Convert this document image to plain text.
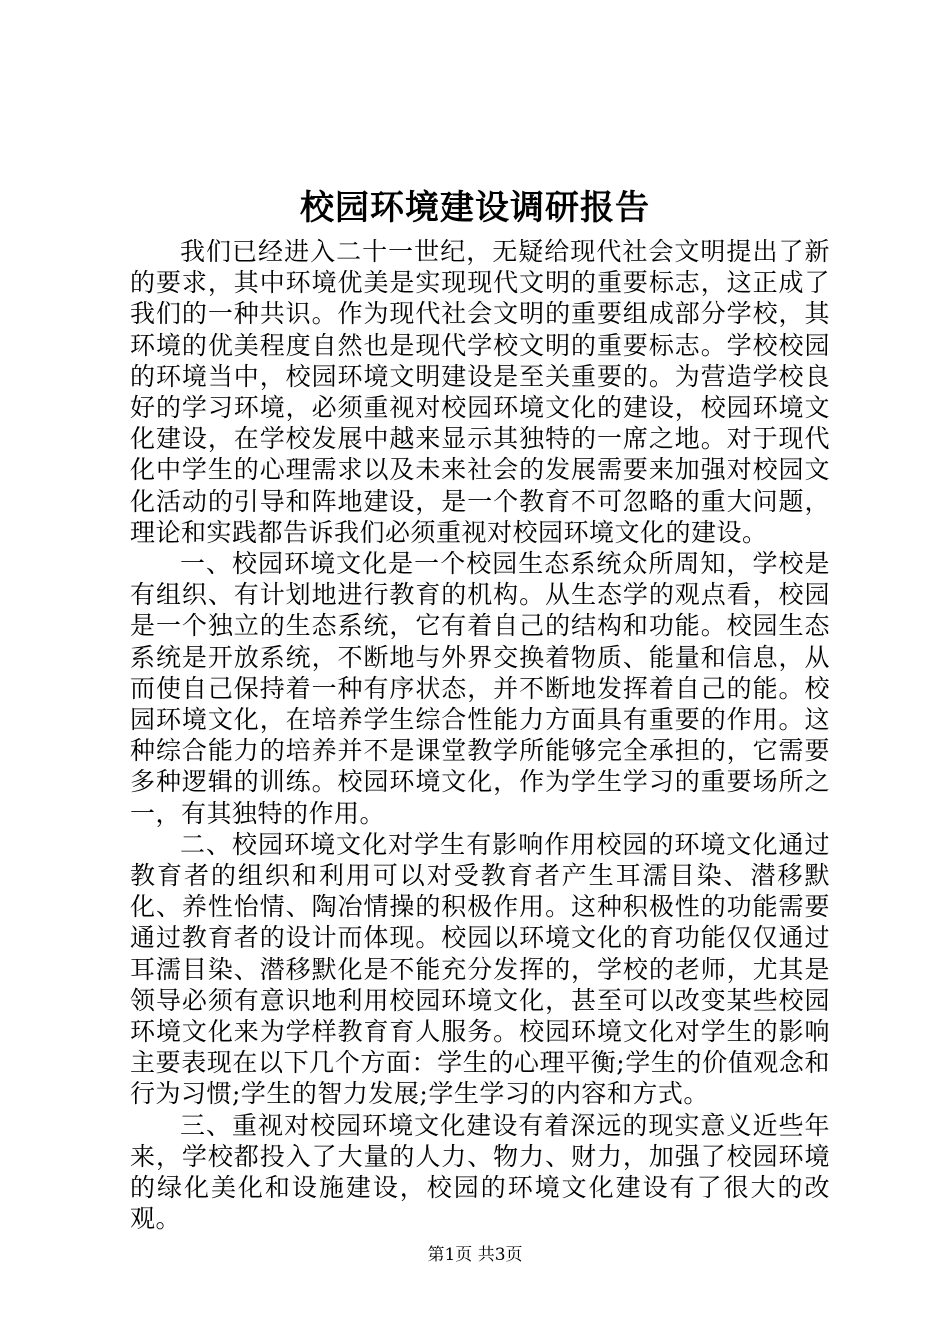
校园环境建设调研报告

我们已经进入二十一世纪，无疑给现代社会文明提出了新的要求，其中环境优美是实现现代文明的重要标志，这正成了我们的一种共识。作为现代社会文明的重要组成部分学校，其环境的优美程度自然也是现代学校文明的重要标志。学校校园的环境当中，校园环境文明建设是至关重要的。为营造学校良好的学习环境，必须重视对校园环境文化的建设，校园环境文化建设，在学校发展中越来显示其独特的一席之地。对于现代化中学生的心理需求以及未来社会的发展需要来加强对校园文化活动的引导和阵地建设，是一个教育不可忽略的重大问题，理论和实践都告诉我们必须重视对校园环境文化的建设。

一、校园环境文化是一个校园生态系统众所周知，学校是有组织、有计划地进行教育的机构。从生态学的观点看，校园是一个独立的生态系统，它有着自己的结构和功能。校园生态系统是开放系统，不断地与外界交换着物质、能量和信息，从而使自己保持着一种有序状态，并不断地发挥着自己的能。校园环境文化，在培养学生综合性能力方面具有重要的作用。这种综合能力的培养并不是课堂教学所能够完全承担的，它需要多种逻辑的训练。校园环境文化，作为学生学习的重要场所之一，有其独特的作用。

二、校园环境文化对学生有影响作用校园的环境文化通过教育者的组织和利用可以对受教育者产生耳濡目染、潜移默化、养性怡情、陶冶情操的积极作用。这种积极性的功能需要通过教育者的设计而体现。校园以环境文化的育功能仅仅通过耳濡目染、潜移默化是不能充分发挥的，学校的老师，尤其是领导必须有意识地利用校园环境文化，甚至可以改变某些校园环境文化来为学样教育育人服务。校园环境文化对学生的影响主要表现在以下几个方面：学生的心理平衡;学生的价值观念和行为习惯;学生的智力发展;学生学习的内容和方式。

三、重视对校园环境文化建设有着深远的现实意义近些年来，学校都投入了大量的人力、物力、财力，加强了校园环境的绿化美化和设施建设，校园的环境文化建设有了很大的改观。

第1页 共3页
